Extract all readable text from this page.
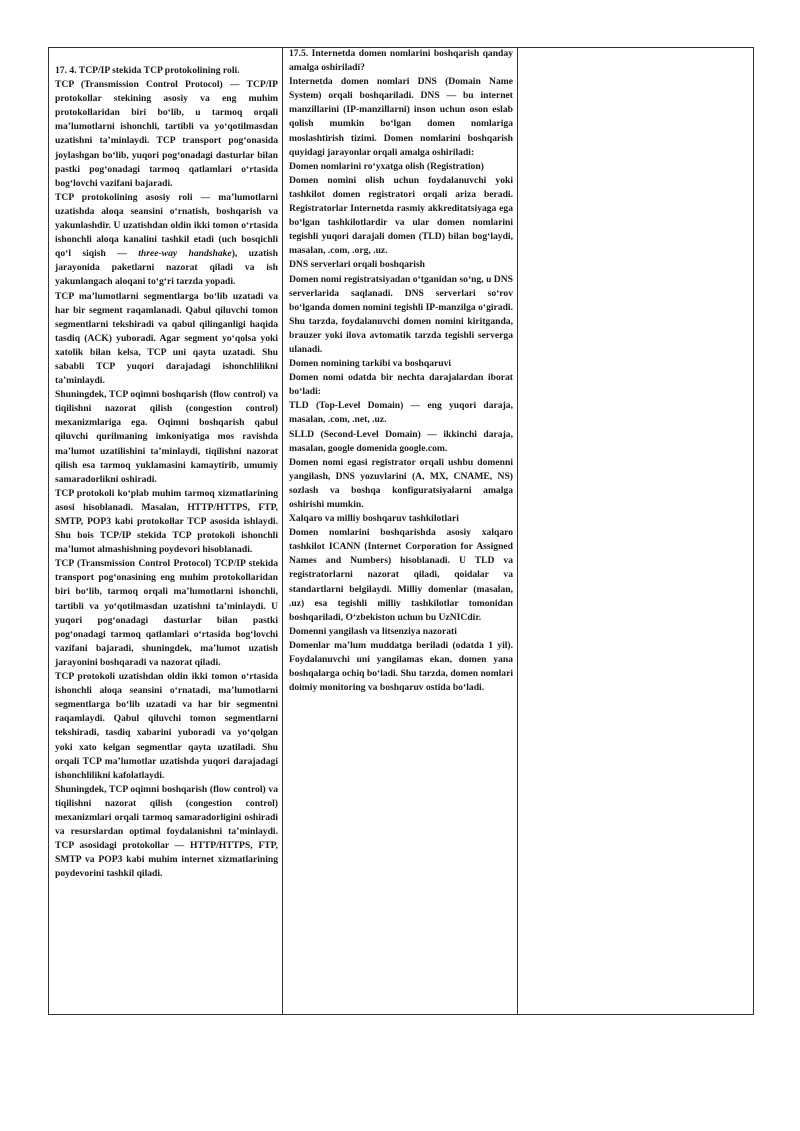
17. 4. TCP/IP stekida TCP protokolining roli.

TCP (Transmission Control Protocol) — TCP/IP protokollar stekining asosiy va eng muhim protokollaridan biri bo‘lib, u tarmoq orqali ma’lumotlarni ishonchli, tartibli va yo‘qotilmasdan uzatishni ta’minlaydi. TCP transport pog‘onasida joylashgan bo‘lib, yuqori pog‘onadagi dasturlar bilan pastki pog‘onadagi tarmoq qatlamlari o‘rtasida bog‘lovchi vazifani bajaradi.

TCP protokolining asosiy roli — ma’lumotlarni uzatishda aloqa seansini o‘rnatish, boshqarish va yakunlashdir. U uzatishdan oldin ikki tomon o‘rtasida ishonchli aloqa kanalini tashkil etadi (uch bosqichli qo‘l siqish — three-way handshake), uzatish jarayonida paketlarni nazorat qiladi va ish yakunlangach aloqani to‘g‘ri tarzda yopadi.

TCP ma’lumotlarni segmentlarga bo‘lib uzatadi va har bir segment raqamlanadi. Qabul qiluvchi tomon segmentlarni tekshiradi va qabul qilinganligi haqida tasdiq (ACK) yuboradi. Agar segment yo‘qolsa yoki xatolik bilan kelsa, TCP uni qayta uzatadi. Shu sababli TCP yuqori darajadagi ishonchlilikni ta’minlaydi.

Shuningdek, TCP oqimni boshqarish (flow control) va tiqilishni nazorat qilish (congestion control) mexanizmlariga ega. Oqimni boshqarish qabul qiluvchi qurilmaning imkoniyatiga mos ravishda ma’lumot uzatilishini ta’minlaydi, tiqilishni nazorat qilish esa tarmoq yuklamasini kamaytirib, umumiy samaradorlikni oshiradi.

TCP protokoli ko‘plab muhim tarmoq xizmatlarining asosi hisoblanadi. Masalan, HTTP/HTTPS, FTP, SMTP, POP3 kabi protokollar TCP asosida ishlaydi. Shu bois TCP/IP stekida TCP protokoli ishonchli ma’lumot almashishning poydevori hisoblanadi.

TCP (Transmission Control Protocol) TCP/IP stekida transport pog‘onasining eng muhim protokollaridan biri bo‘lib, tarmoq orqali ma’lumotlarni ishonchli, tartibli va yo‘qotilmasdan uzatishni ta’minlaydi. U yuqori pog‘onadagi dasturlar bilan pastki pog‘onadagi tarmoq qatlamlari o‘rtasida bog‘lovchi vazifani bajaradi, shuningdek, ma’lumot uzatish jarayonini boshqaradi va nazorat qiladi.

TCP protokoli uzatishdan oldin ikki tomon o‘rtasida ishonchli aloqa seansini o‘rnatadi, ma’lumotlarni segmentlarga bo‘lib uzatadi va har bir segmentni raqamlaydi. Qabul qiluvchi tomon segmentlarni tekshiradi, tasdiq xabarini yuboradi va yo‘qolgan yoki xato kelgan segmentlar qayta uzatiladi. Shu orqali TCP ma’lumotlar uzatishda yuqori darajadagi ishonchlilikni kafolatlaydi.

Shuningdek, TCP oqimni boshqarish (flow control) va tiqilishni nazorat qilish (congestion control) mexanizmlari orqali tarmoq samaradorligini oshiradi va resurslardan optimal foydalanishni ta’minlaydi. TCP asosidagi protokollar — HTTP/HTTPS, FTP, SMTP va POP3 kabi muhim internet xizmatlarining poydevorini tashkil qiladi.

17.5. Internetda domen nomlarini boshqarish qanday amalga oshiriladi?

Internetda domen nomlari DNS (Domain Name System) orqali boshqariladi. DNS — bu internet manzillarini (IP-manzillarni) inson uchun oson eslab qolish mumkin bo‘lgan domen nomlariga moslashtirish tizimi. Domen nomlarini boshqarish quyidagi jarayonlar orqali amalga oshiriladi:

Domen nomlarini ro‘yxatga olish (Registration)

Domen nomini olish uchun foydalanuvchi yoki tashkilot domen registratori orqali ariza beradi. Registratorlar Internetda rasmiy akkreditatsiyaga ega bo‘lgan tashkilotlardir va ular domen nomlarini tegishli yuqori darajali domen (TLD) bilan bog‘laydi, masalan, .com, .org, .uz.

DNS serverlari orqali boshqarish

Domen nomi registratsiyadan o‘tganidan so‘ng, u DNS serverlarida saqlanadi. DNS serverlari so‘rov bo‘lganda domen nomini tegishli IP-manzilga o‘giradi. Shu tarzda, foydalanuvchi domen nomini kiritganda, brauzer yoki ilova avtomatik tarzda tegishli serverga ulanadi.

Domen nomining tarkibi va boshqaruvi

Domen nomi odatda bir nechta darajalardan iborat bo‘ladi:

TLD (Top-Level Domain) — eng yuqori daraja, masalan, .com, .net, .uz.

SLLD (Second-Level Domain) — ikkinchi daraja, masalan, google domenida google.com.

Domen nomi egasi registrator orqali ushbu domenni yangilash, DNS yozuvlarini (A, MX, CNAME, NS) sozlash va boshqa konfiguratsiyalarni amalga oshirishi mumkin.

Xalqaro va milliy boshqaruv tashkilotlari

Domen nomlarini boshqarishda asosiy xalqaro tashkilot ICANN (Internet Corporation for Assigned Names and Numbers) hisoblanadi. U TLD va registratorlarni nazorat qiladi, qoidalar va standartlarni belgilaydi. Milliy domenlar (masalan, .uz) esa tegishli milliy tashkilotlar tomonidan boshqariladi, O‘zbekiston uchun bu UzNICdir.

Domenni yangilash va litsenziya nazorati

Domenlar ma’lum muddatga beriladi (odatda 1 yil). Foydalanuvchi uni yangilamas ekan, domen yana boshqalarga ochiq bo‘ladi. Shu tarzda, domen nomlari doimiy monitoring va boshqaruv ostida bo‘ladi.
